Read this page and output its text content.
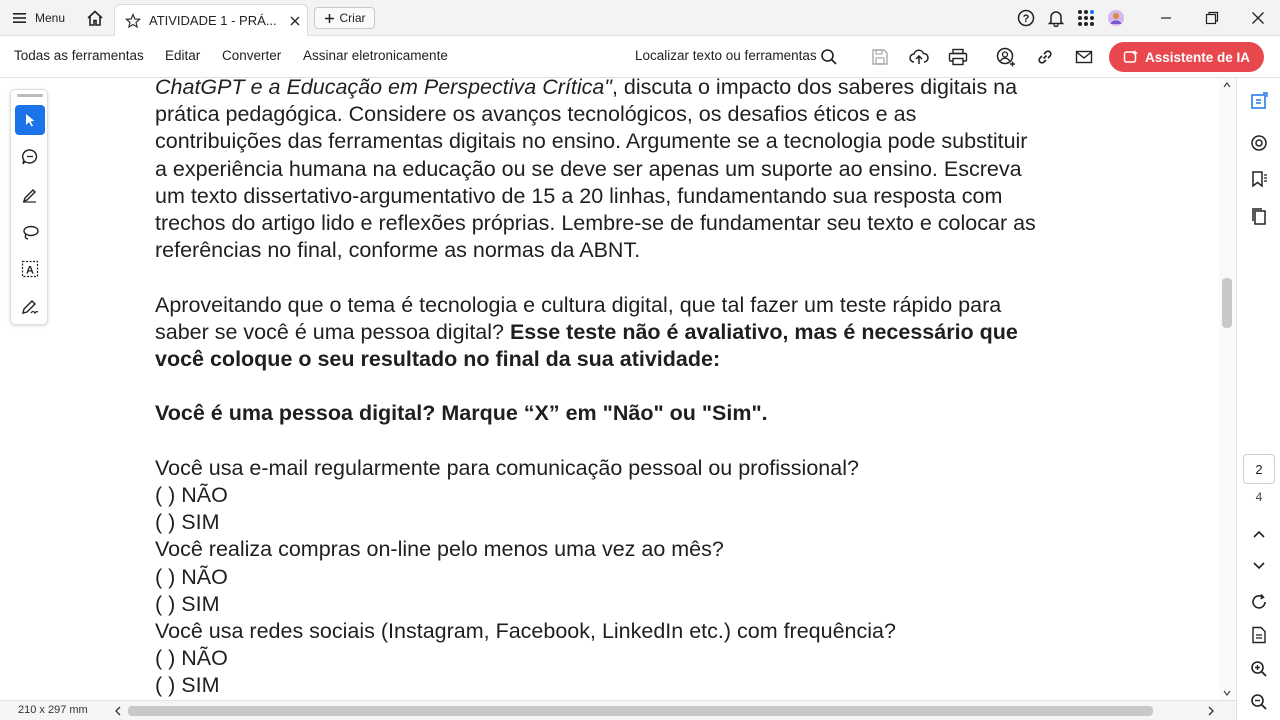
Menu	ATIVIDADE 1 - PRÁ...	Criar	?
Todas as ferramentas Editar Converter Assinar eletronicamente	Localizar texto ou ferramentas	Assistente de IA
A

ChatGPT e a Educação em Perspectiva Crítica", discuta o impacto dos saberes digitais na

prática pedagógica. Considere os avanços tecnológicos, os desafios éticos e as

contribuições das ferramentas digitais no ensino. Argumente se a tecnologia pode substituir

a experiência humana na educação ou se deve ser apenas um suporte ao ensino. Escreva

um texto dissertativo-argumentativo de 15 a 20 linhas, fundamentando sua resposta com

trechos do artigo lido e reflexões próprias. Lembre-se de fundamentar seu texto e colocar as

referências no final, conforme as normas da ABNT.

Aproveitando que o tema é tecnologia e cultura digital, que tal fazer um teste rápido para

saber se você é uma pessoa digital? Esse teste não é avaliativo, mas é necessário que

você coloque o seu resultado no final da sua atividade:

Você é uma pessoa digital? Marque “X” em "Não" ou "Sim".

Você usa e-mail regularmente para comunicação pessoal ou profissional?

( ) NÃO

( ) SIM

Você realiza compras on-line pelo menos uma vez ao mês?

( ) NÃO

( ) SIM

Você usa redes sociais (Instagram, Facebook, LinkedIn etc.) com frequência?

( ) NÃO

( ) SIM

2
4
210 x 297 mm
